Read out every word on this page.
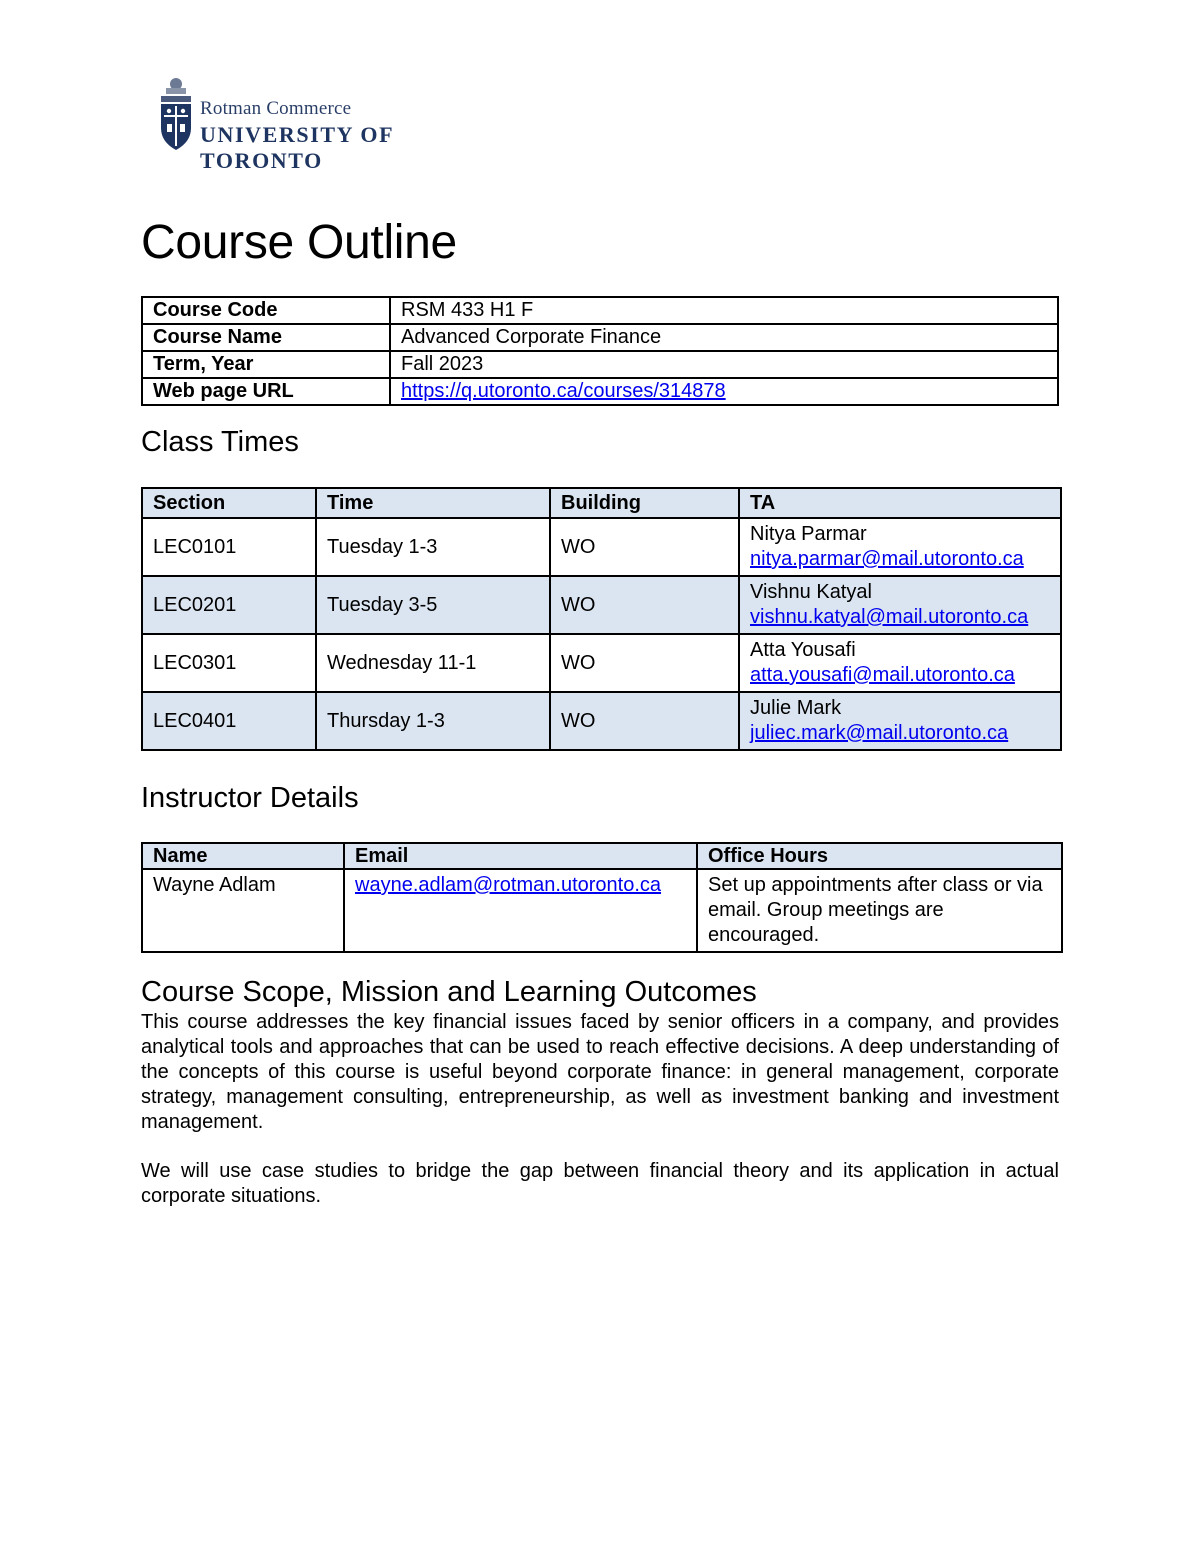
Rotman Commerce
UNIVERSITY OF TORONTO
Course Outline
Course Code	RSM 433 H1 F
Course Name	Advanced Corporate Finance
Term, Year	Fall 2023
Web page URL	https://q.utoronto.ca/courses/314878
Class Times
Section	Time	Building	TA
LEC0101	Tuesday 1-3	WO	Nitya Parmar
nitya.parmar@mail.utoronto.ca

LEC0201	Tuesday 3-5	WO	Vishnu Katyal
vishnu.katyal@mail.utoronto.ca

LEC0301	Wednesday 11-1	WO	Atta Yousafi
atta.yousafi@mail.utoronto.ca

LEC0401	Thursday 1-3	WO	Julie Mark
juliec.mark@mail.utoronto.ca
Instructor Details
Name	Email	Office Hours
Wayne Adlam	wayne.adlam@rotman.utoronto.ca	Set up appointments after class or via email. Group meetings are encouraged.
Course Scope, Mission and Learning Outcomes

This course addresses the key financial issues faced by senior officers in a company, and provides analytical tools and approaches that can be used to reach effective decisions. A deep understanding of the concepts of this course is useful beyond corporate finance: in general management, corporate strategy, management consulting, entrepreneurship, as well as investment banking and investment management.

We will use case studies to bridge the gap between financial theory and its application in actual corporate situations.
